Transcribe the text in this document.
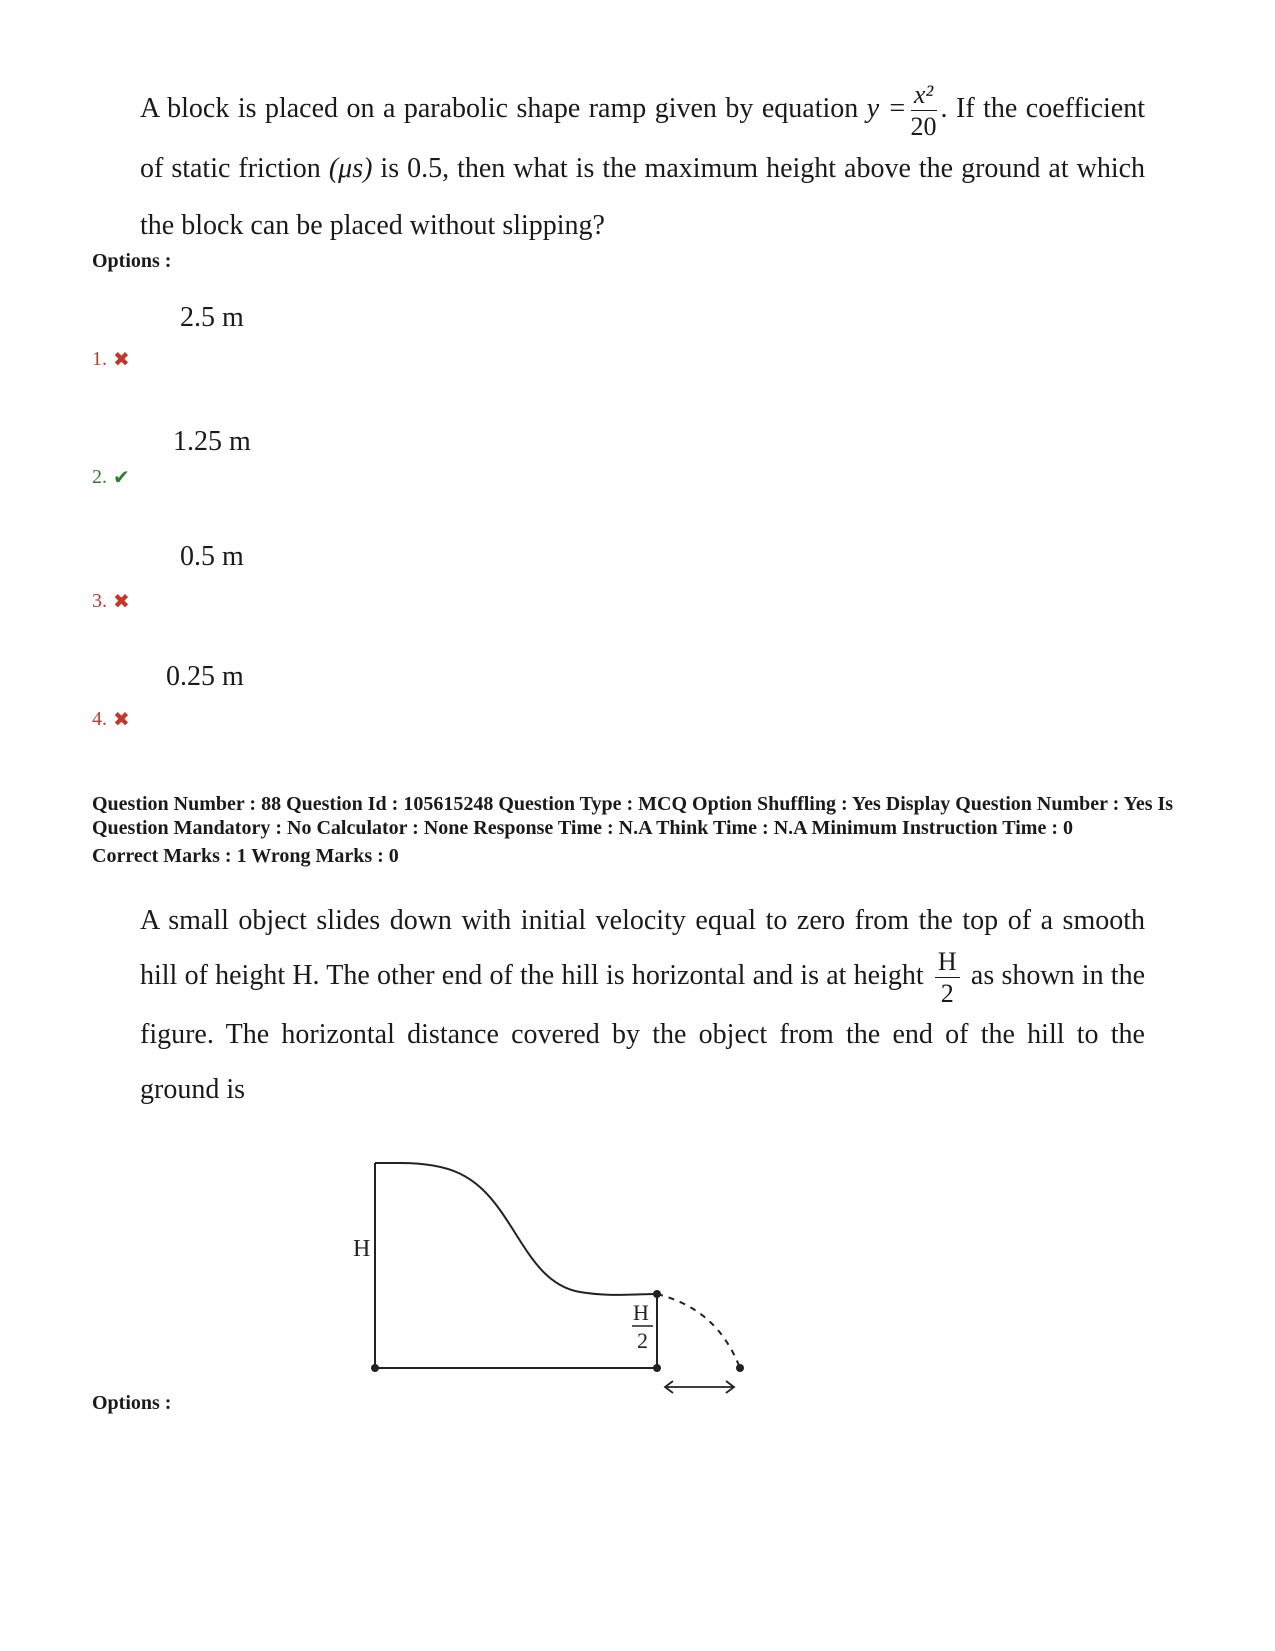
A block is placed on a parabolic shape ramp given by equation $y = \frac{\text{x²}}{20}$ . If the coefficient of static friction (μs) is 0.5, then what is the maximum height above the ground at which the block can be placed without slipping?
Options :
2.5 m
1. ✖
1.25 m
2. ✔
0.5 m
3. ✖
0.25 m
4. ✖
Question Number : 88 Question Id : 105615248 Question Type : MCQ Option Shuffling : Yes Display Question Number : Yes Is Question Mandatory : No Calculator : None Response Time : N.A Think Time : N.A Minimum Instruction Time : 0
Correct Marks : 1 Wrong Marks : 0
A small object slides down with initial velocity equal to zero from the top of a smooth hill of height H. The other end of the hill is horizontal and is at height $\frac{H}{2}$ as shown in the figure. The horizontal distance covered by the object from the end of the hill to the ground is
H
H
2
Options :
